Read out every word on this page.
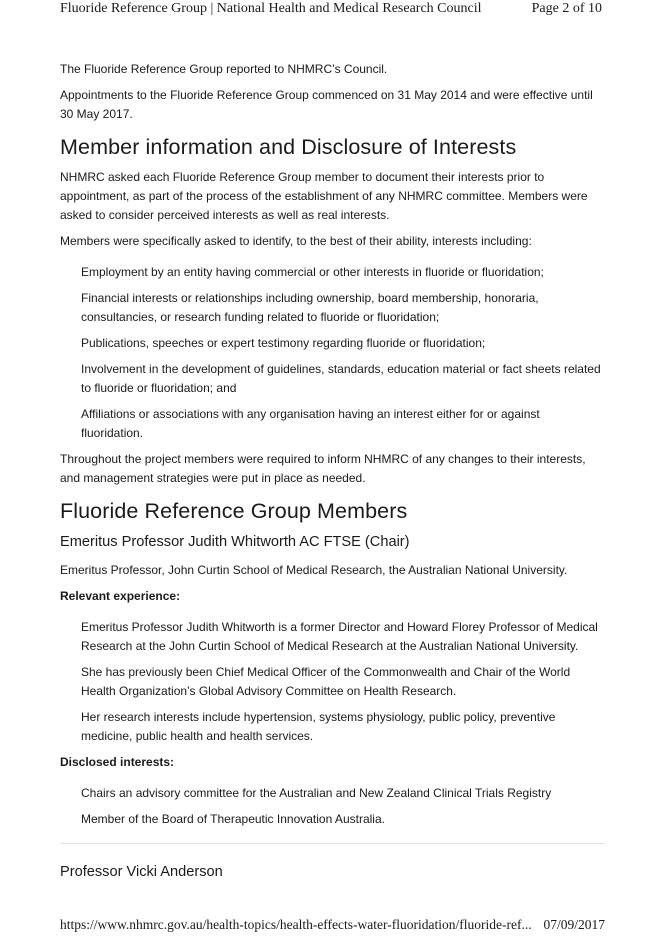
Fluoride Reference Group | National Health and Medical Research Council	Page 2 of 10

The Fluoride Reference Group reported to NHMRC’s Council.

Appointments to the Fluoride Reference Group commenced on 31 May 2014 and were effective until 30 May 2017.

Member information and Disclosure of Interests

NHMRC asked each Fluoride Reference Group member to document their interests prior to appointment, as part of the process of the establishment of any NHMRC committee. Members were asked to consider perceived interests as well as real interests.

Members were specifically asked to identify, to the best of their ability, interests including:

Employment by an entity having commercial or other interests in fluoride or fluoridation;
Financial interests or relationships including ownership, board membership, honoraria, consultancies, or research funding related to fluoride or fluoridation;
Publications, speeches or expert testimony regarding fluoride or fluoridation;
Involvement in the development of guidelines, standards, education material or fact sheets related to fluoride or fluoridation; and
Affiliations or associations with any organisation having an interest either for or against fluoridation.

Throughout the project members were required to inform NHMRC of any changes to their interests, and management strategies were put in place as needed.

Fluoride Reference Group Members
Emeritus Professor Judith Whitworth AC FTSE (Chair)

Emeritus Professor, John Curtin School of Medical Research, the Australian National University.

Relevant experience:

Emeritus Professor Judith Whitworth is a former Director and Howard Florey Professor of Medical Research at the John Curtin School of Medical Research at the Australian National University.
She has previously been Chief Medical Officer of the Commonwealth and Chair of the World Health Organization’s Global Advisory Committee on Health Research.
Her research interests include hypertension, systems physiology, public policy, preventive medicine, public health and health services.

Disclosed interests:

Chairs an advisory committee for the Australian and New Zealand Clinical Trials Registry
Member of the Board of Therapeutic Innovation Australia.
Professor Vicki Anderson
https://www.nhmrc.gov.au/health-topics/health-effects-water-fluoridation/fluoride-ref... 07/09/2017
